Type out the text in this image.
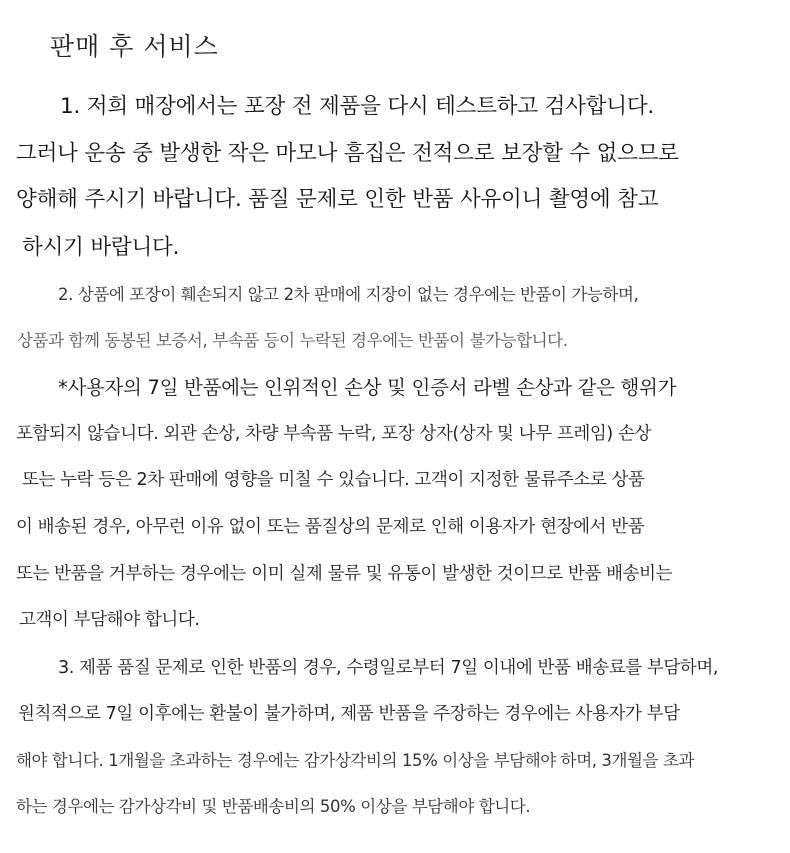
판매 후 서비스
1. 저희 매장에서는 포장 전 제품을 다시 테스트하고 검사합니다.
그러나 운송 중 발생한 작은 마모나 흠집은 전적으로 보장할 수 없으므로
양해해 주시기 바랍니다. 품질 문제로 인한 반품 사유이니 촬영에 참고
하시기 바랍니다.
2. 상품에 포장이 훼손되지 않고 2차 판매에 지장이 없는 경우에는 반품이 가능하며,
상품과 함께 동봉된 보증서, 부속품 등이 누락된 경우에는 반품이 불가능합니다.
*사용자의 7일 반품에는 인위적인 손상 및 인증서 라벨 손상과 같은 행위가
포함되지 않습니다. 외관 손상, 차량 부속품 누락, 포장 상자(상자 및 나무 프레임) 손상
또는 누락 등은 2차 판매에 영향을 미칠 수 있습니다. 고객이 지정한 물류주소로 상품
이 배송된 경우, 아무런 이유 없이 또는 품질상의 문제로 인해 이용자가 현장에서 반품
또는 반품을 거부하는 경우에는 이미 실제 물류 및 유통이 발생한 것이므로 반품 배송비는
고객이 부담해야 합니다.
3. 제품 품질 문제로 인한 반품의 경우, 수령일로부터 7일 이내에 반품 배송료를 부담하며,
원칙적으로 7일 이후에는 환불이 불가하며, 제품 반품을 주장하는 경우에는 사용자가 부담
해야 합니다. 1개월을 초과하는 경우에는 감가상각비의 15% 이상을 부담해야 하며, 3개월을 초과
하는 경우에는 감가상각비 및 반품배송비의 50% 이상을 부담해야 합니다.
